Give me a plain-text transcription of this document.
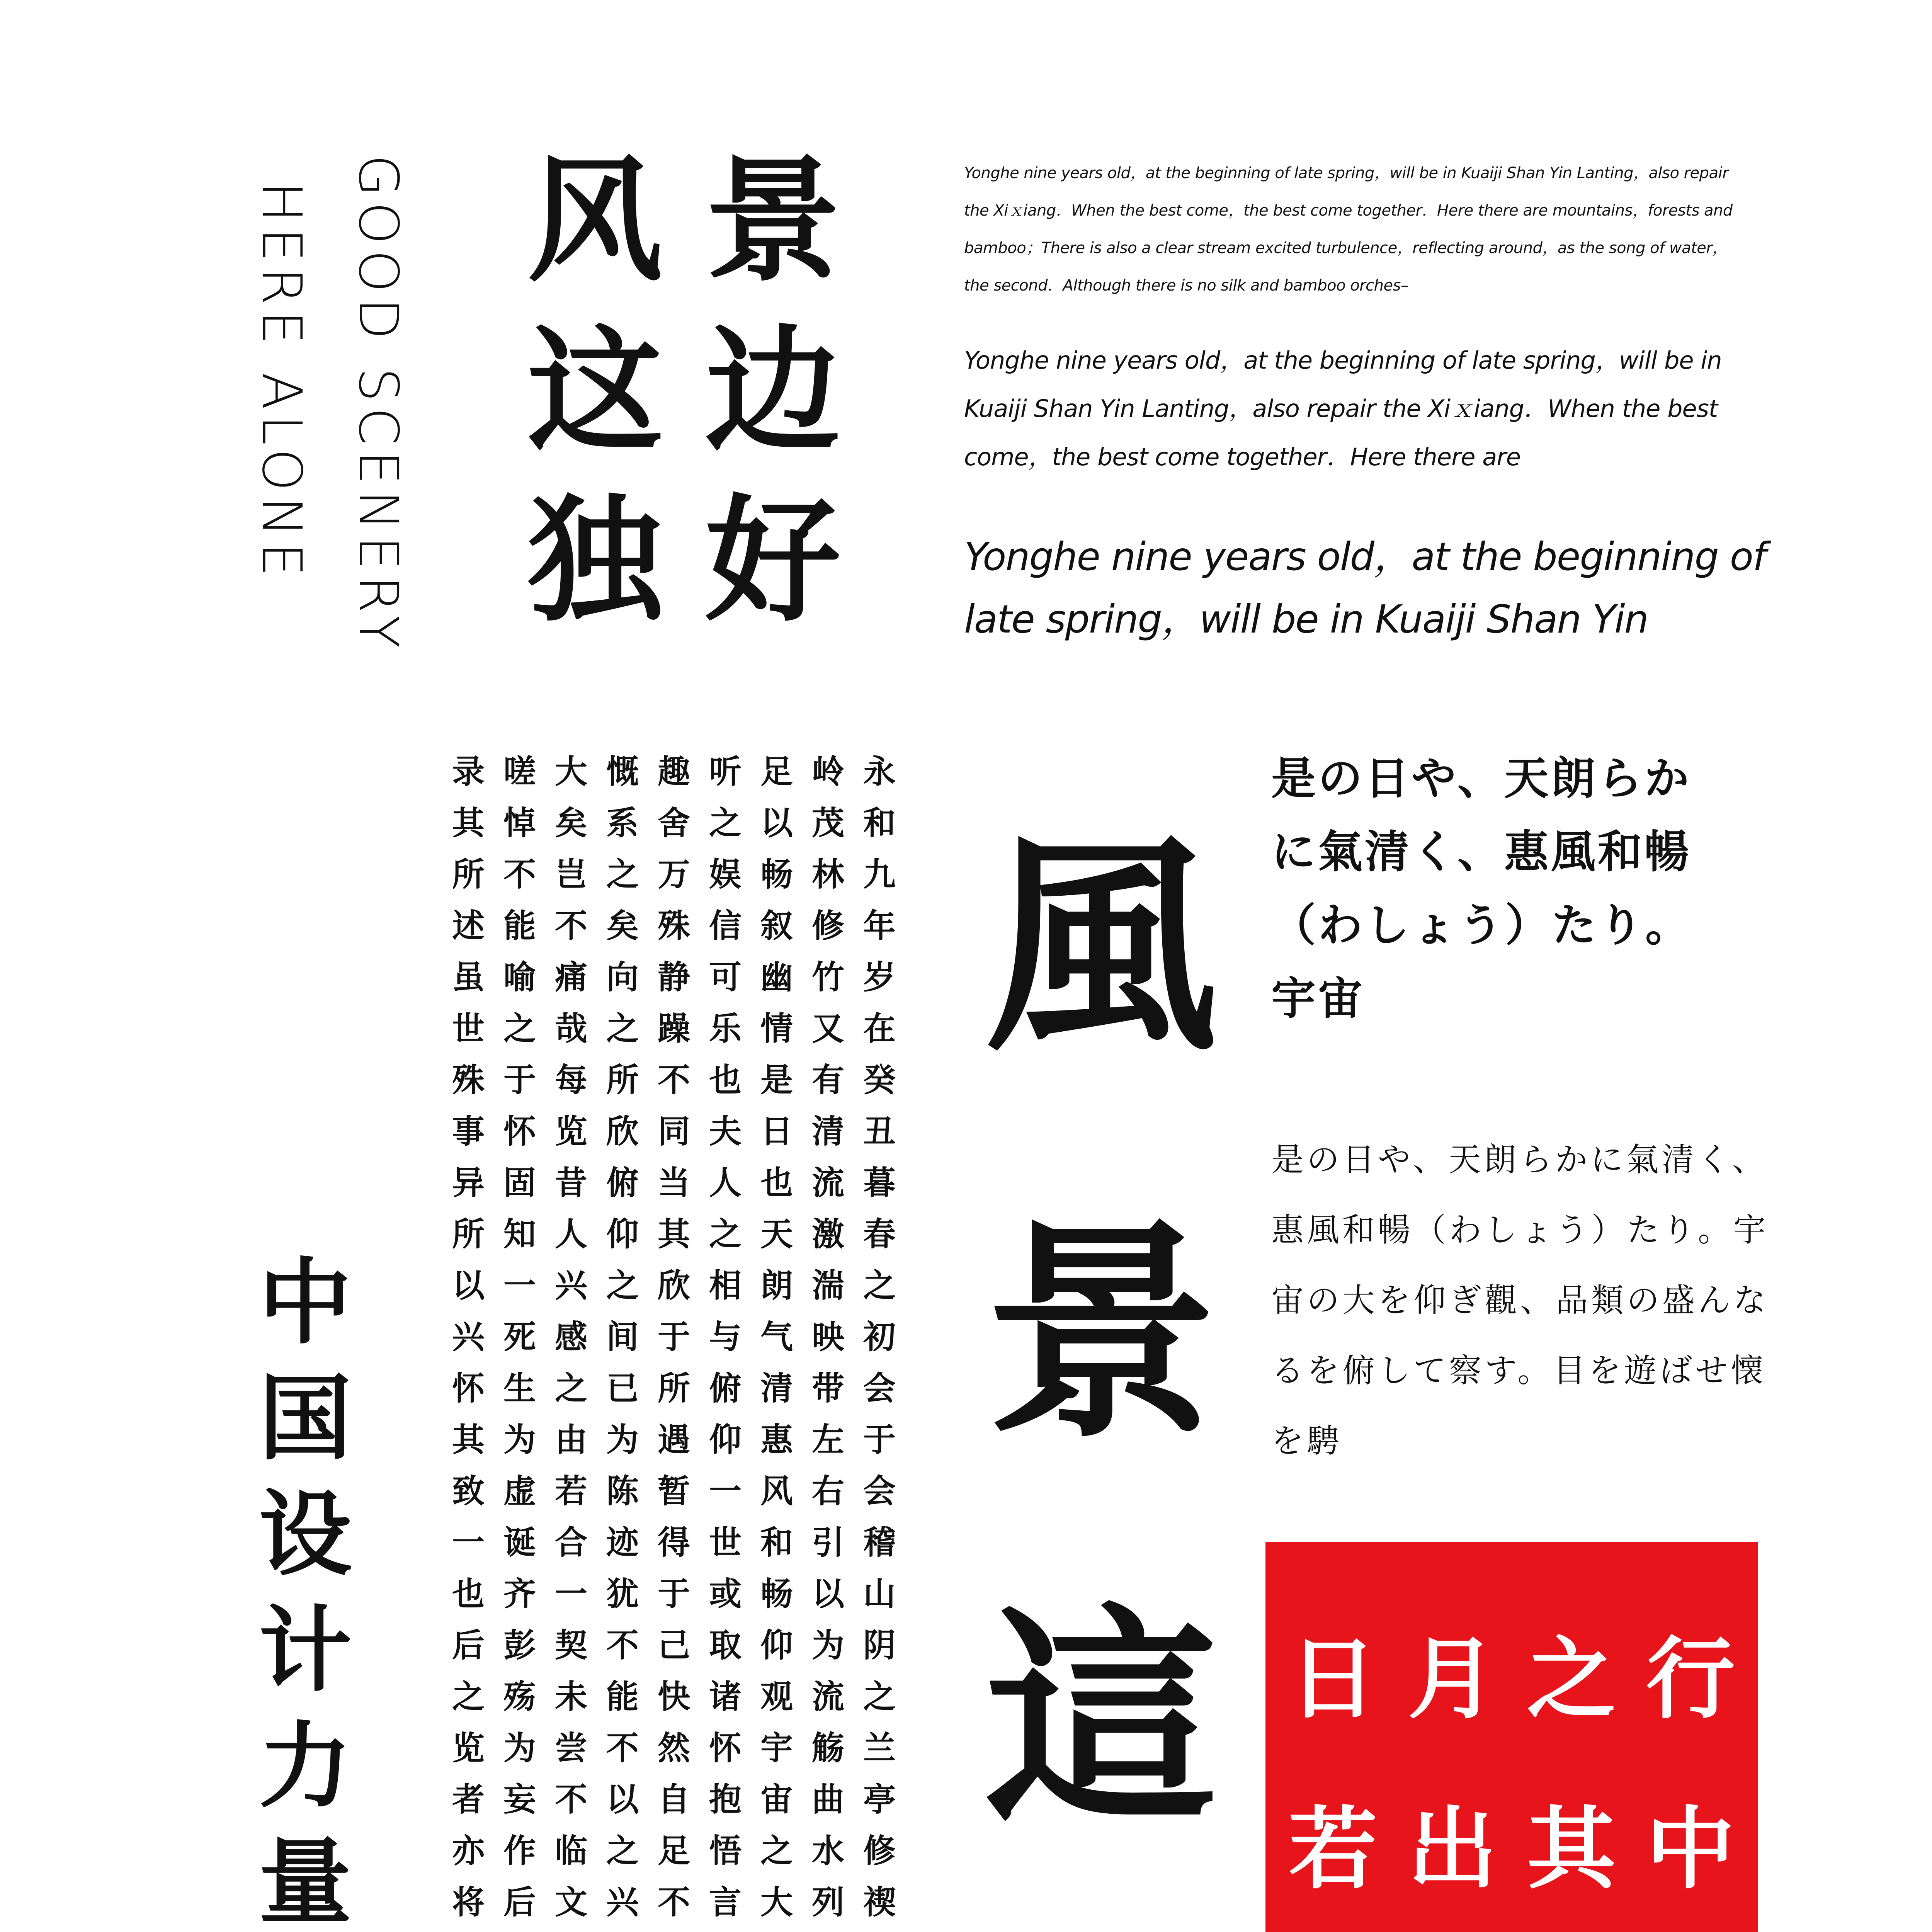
GOOD SCENERY
HERE ALONE	景
边
好
风
这
独

Yonghe nine years old，at the beginning of late spring，will be in Kuaiji Shan Yin Lanting，also repair the Xiｘiang．When the best come，the best come together．Here there are mountains，forests and bamboo；There is also a clear stream excited turbulence，reflecting around，as the song of water，the second．Although there is no silk and bamboo orches–

Yonghe nine years old，at the beginning of late spring，will be in Kuaiji Shan Yin Lanting，also repair the Xiｘiang．When the best come，the best come together．Here there are

Yonghe nine years old，at the beginning of late spring，will be in Kuaiji Shan Yin

永
和
九
年
岁
在
癸
丑
暮
春
之
初
会
于
会
稽
山
阴
之
兰
亭
修
禊
岭
茂
林
修
竹
又
有
清
流
激
湍
映
带
左
右
引
以
为
流
觞
曲
水
列
足
以
畅
叙
幽
情
是
日
也
天
朗
气
清
惠
风
和
畅
仰
观
宇
宙
之
大
听
之
娱
信
可
乐
也
夫
人
之
相
与
俯
仰
一
世
或
取
诸
怀
抱
悟
言
趣
舍
万
殊
静
躁
不
同
当
其
欣
于
所
遇
暂
得
于
己
快
然
自
足
不
慨
系
之
矣
向
之
所
欣
俯
仰
之
间
已
为
陈
迹
犹
不
能
不
以
之
兴
大
矣
岂
不
痛
哉
每
览
昔
人
兴
感
之
由
若
合
一
契
未
尝
不
临
文
嗟
悼
不
能
喻
之
于
怀
固
知
一
死
生
为
虚
诞
齐
彭
殇
为
妄
作
后
录
其
所
述
虽
世
殊
事
异
所
以
兴
怀
其
致
一
也
后
之
览
者
亦
将
風
景
這

是の日や、天朗らかに氣清く、惠風和暢（わしょう）たり。宇宙

是の日や、天朗らかに氣清く、惠風和暢（わしょう）たり。宇宙の大を仰ぎ觀、品類の盛んなるを俯して察す。目を遊ばせ懐を騁

行
中
之
其
月
出
日
若
中
国
设
计
力
量
